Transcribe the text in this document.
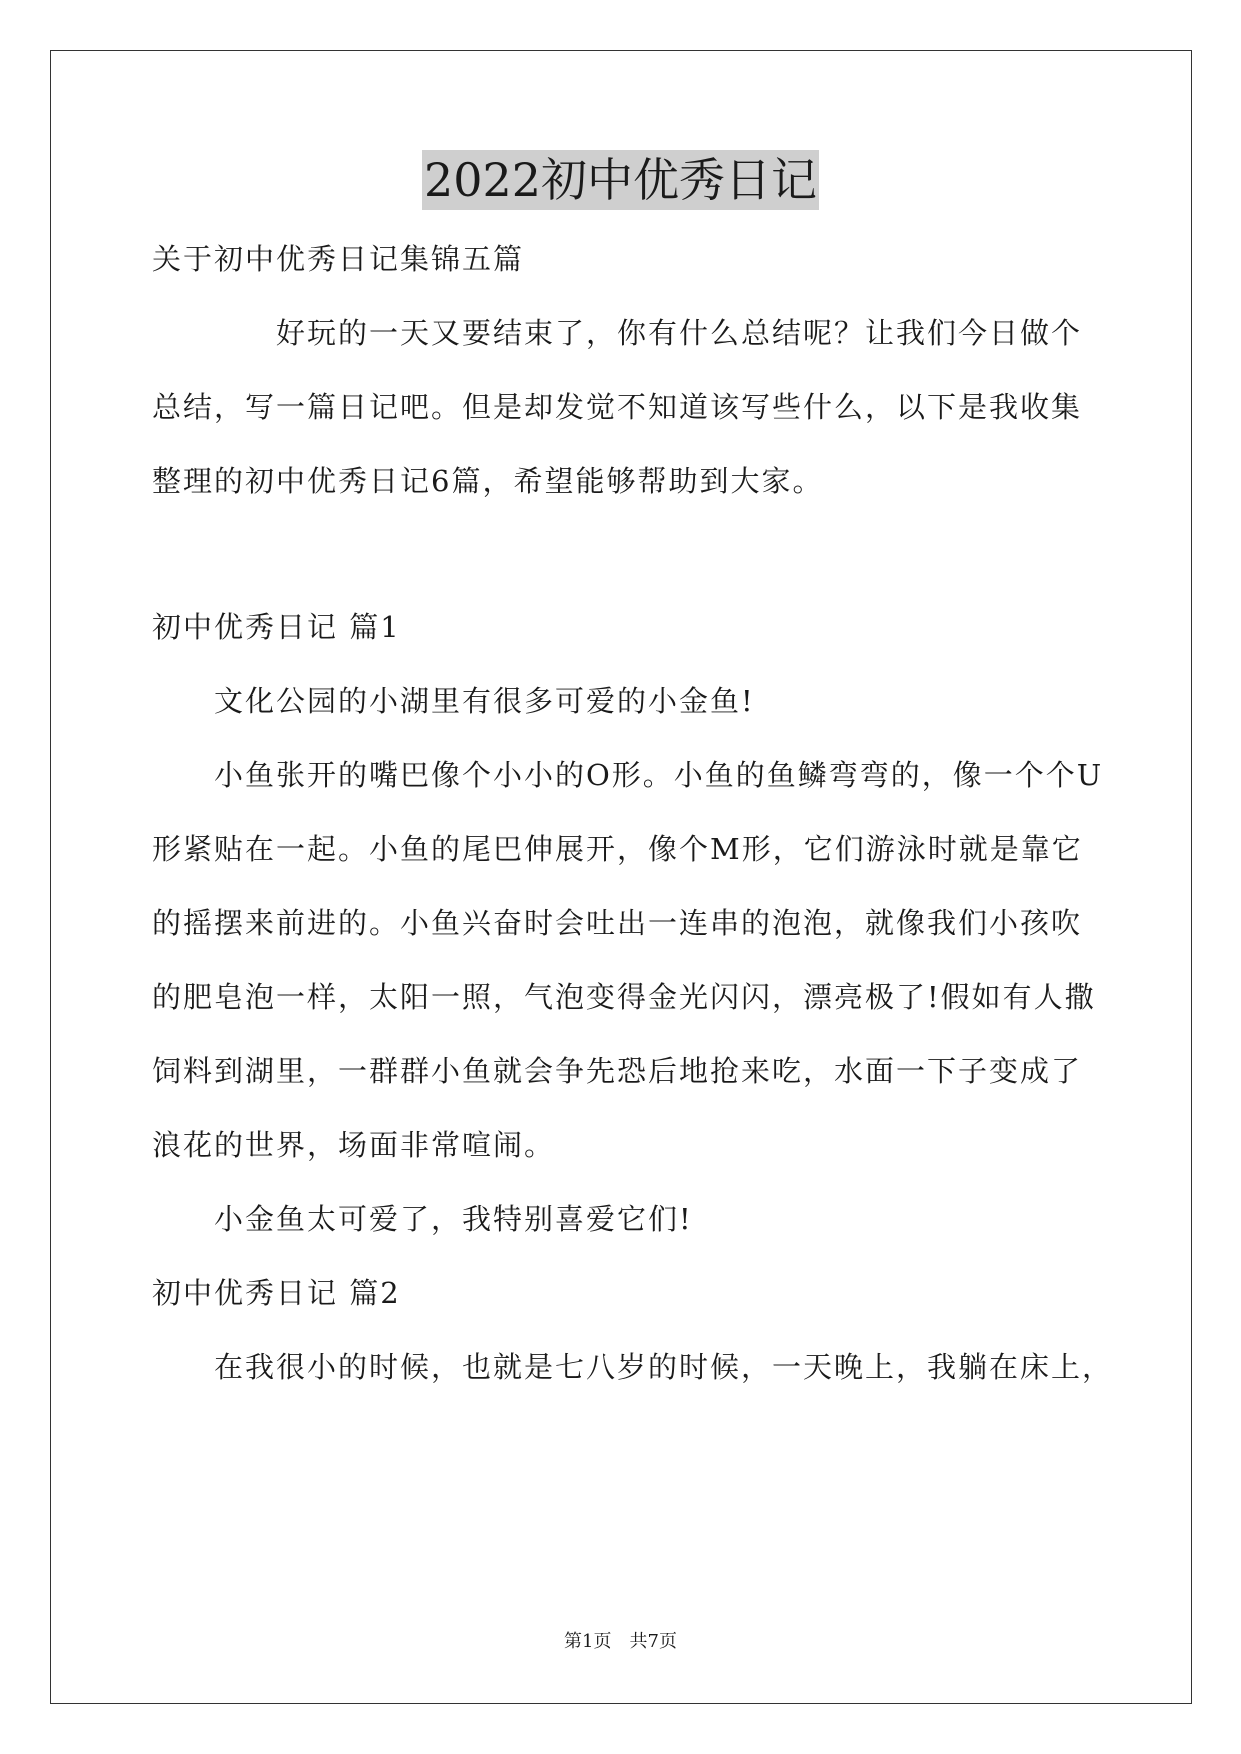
2022初中优秀日记
关于初中优秀日记集锦五篇
　　　　好玩的一天又要结束了，你有什么总结呢？让我们今日做个
总结，写一篇日记吧。但是却发觉不知道该写些什么，以下是我收集
整理的初中优秀日记6篇，希望能够帮助到大家。
初中优秀日记 篇1
　　文化公园的小湖里有很多可爱的小金鱼!
　　小鱼张开的嘴巴像个小小的O形。小鱼的鱼鳞弯弯的，像一个个U
形紧贴在一起。小鱼的尾巴伸展开，像个M形，它们游泳时就是靠它
的摇摆来前进的。小鱼兴奋时会吐出一连串的泡泡，就像我们小孩吹
的肥皂泡一样，太阳一照，气泡变得金光闪闪，漂亮极了!假如有人撒
饲料到湖里，一群群小鱼就会争先恐后地抢来吃，水面一下子变成了
浪花的世界，场面非常喧闹。
　　小金鱼太可爱了，我特别喜爱它们!
初中优秀日记 篇2
　　在我很小的时候，也就是七八岁的时候，一天晚上，我躺在床上，
第1页　共7页
